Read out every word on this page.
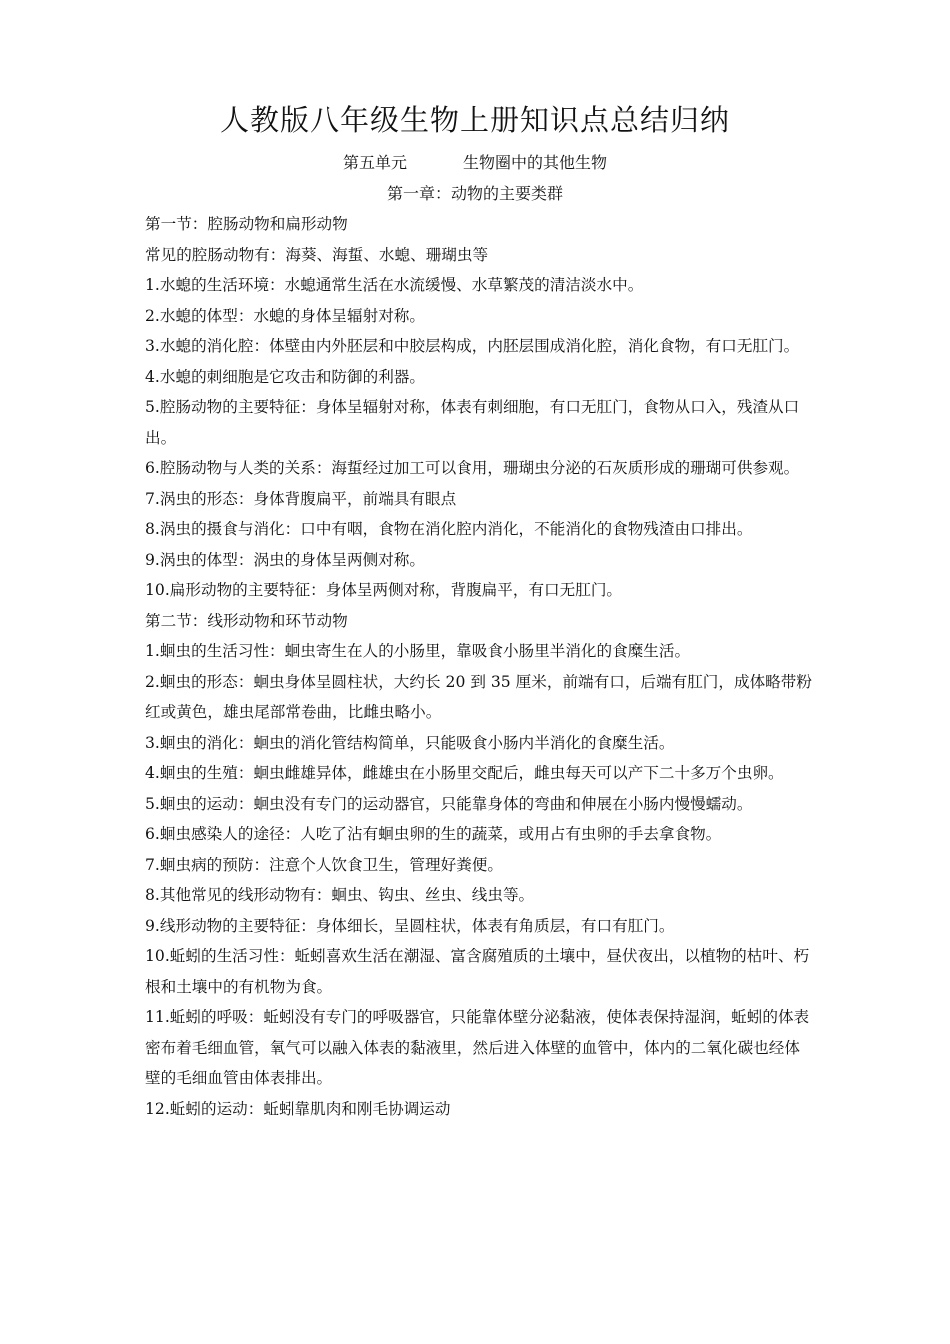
人教版八年级生物上册知识点总结归纳
第五单元	生物圈中的其他生物
第一章：动物的主要类群

第一节：腔肠动物和扁形动物

常见的腔肠动物有：海葵、海蜇、水螅、珊瑚虫等

1.水螅的生活环境：水螅通常生活在水流缓慢、水草繁茂的清洁淡水中。

2.水螅的体型：水螅的身体呈辐射对称。

3.水螅的消化腔：体壁由内外胚层和中胶层构成，内胚层围成消化腔，消化食物，有口无肛门。

4.水螅的刺细胞是它攻击和防御的利器。

5.腔肠动物的主要特征：身体呈辐射对称，体表有刺细胞，有口无肛门，食物从口入，残渣从口出。

6.腔肠动物与人类的关系：海蜇经过加工可以食用，珊瑚虫分泌的石灰质形成的珊瑚可供参观。

7.涡虫的形态：身体背腹扁平，前端具有眼点

8.涡虫的摄食与消化：口中有咽，食物在消化腔内消化，不能消化的食物残渣由口排出。

9.涡虫的体型：涡虫的身体呈两侧对称。

10.扁形动物的主要特征：身体呈两侧对称，背腹扁平，有口无肛门。

第二节：线形动物和环节动物

1.蛔虫的生活习性：蛔虫寄生在人的小肠里，靠吸食小肠里半消化的食糜生活。

2.蛔虫的形态：蛔虫身体呈圆柱状，大约长 20 到 35 厘米，前端有口，后端有肛门，成体略带粉红或黄色，雄虫尾部常卷曲，比雌虫略小。

3.蛔虫的消化：蛔虫的消化管结构简单，只能吸食小肠内半消化的食糜生活。

4.蛔虫的生殖：蛔虫雌雄异体，雌雄虫在小肠里交配后，雌虫每天可以产下二十多万个虫卵。

5.蛔虫的运动：蛔虫没有专门的运动器官，只能靠身体的弯曲和伸展在小肠内慢慢蠕动。

6.蛔虫感染人的途径：人吃了沾有蛔虫卵的生的蔬菜，或用占有虫卵的手去拿食物。

7.蛔虫病的预防：注意个人饮食卫生，管理好粪便。

8.其他常见的线形动物有：蛔虫、钩虫、丝虫、线虫等。

9.线形动物的主要特征：身体细长，呈圆柱状，体表有角质层，有口有肛门。

10.蚯蚓的生活习性：蚯蚓喜欢生活在潮湿、富含腐殖质的土壤中，昼伏夜出，以植物的枯叶、朽根和土壤中的有机物为食。

11.蚯蚓的呼吸：蚯蚓没有专门的呼吸器官，只能靠体壁分泌黏液，使体表保持湿润，蚯蚓的体表密布着毛细血管，氧气可以融入体表的黏液里，然后进入体壁的血管中，体内的二氧化碳也经体壁的毛细血管由体表排出。

12.蚯蚓的运动：蚯蚓靠肌肉和刚毛协调运动
